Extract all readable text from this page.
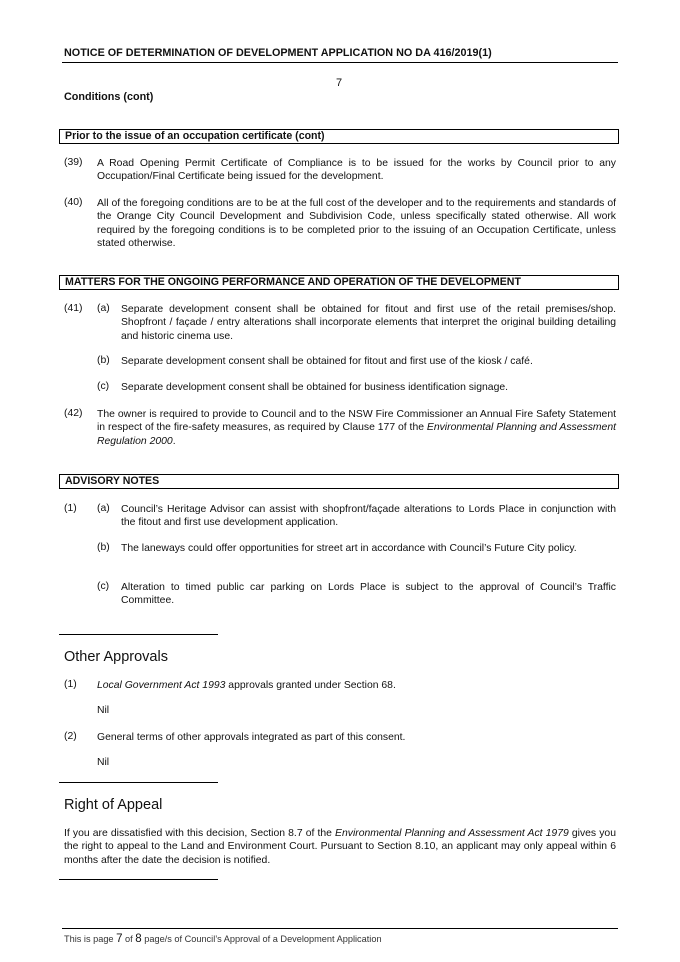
NOTICE OF DETERMINATION OF DEVELOPMENT APPLICATION NO DA 416/2019(1)
7
Conditions (cont)
Prior to the issue of an occupation certificate (cont)
(39) A Road Opening Permit Certificate of Compliance is to be issued for the works by Council prior to any Occupation/Final Certificate being issued for the development.
(40) All of the foregoing conditions are to be at the full cost of the developer and to the requirements and standards of the Orange City Council Development and Subdivision Code, unless specifically stated otherwise. All work required by the foregoing conditions is to be completed prior to the issuing of an Occupation Certificate, unless stated otherwise.
MATTERS FOR THE ONGOING PERFORMANCE AND OPERATION OF THE DEVELOPMENT
(41) (a) Separate development consent shall be obtained for fitout and first use of the retail premises/shop. Shopfront / façade / entry alterations shall incorporate elements that interpret the original building detailing and historic cinema use.
(b) Separate development consent shall be obtained for fitout and first use of the kiosk / café.
(c) Separate development consent shall be obtained for business identification signage.
(42) The owner is required to provide to Council and to the NSW Fire Commissioner an Annual Fire Safety Statement in respect of the fire-safety measures, as required by Clause 177 of the Environmental Planning and Assessment Regulation 2000.
ADVISORY NOTES
(1) (a) Council’s Heritage Advisor can assist with shopfront/façade alterations to Lords Place in conjunction with the fitout and first use development application.
(b) The laneways could offer opportunities for street art in accordance with Council’s Future City policy.
(c) Alteration to timed public car parking on Lords Place is subject to the approval of Council’s Traffic Committee.
Other Approvals
(1) Local Government Act 1993 approvals granted under Section 68.
Nil
(2) General terms of other approvals integrated as part of this consent.
Nil
Right of Appeal
If you are dissatisfied with this decision, Section 8.7 of the Environmental Planning and Assessment Act 1979 gives you the right to appeal to the Land and Environment Court. Pursuant to Section 8.10, an applicant may only appeal within 6 months after the date the decision is notified.
This is page 7 of 8 page/s of Council’s Approval of a Development Application
